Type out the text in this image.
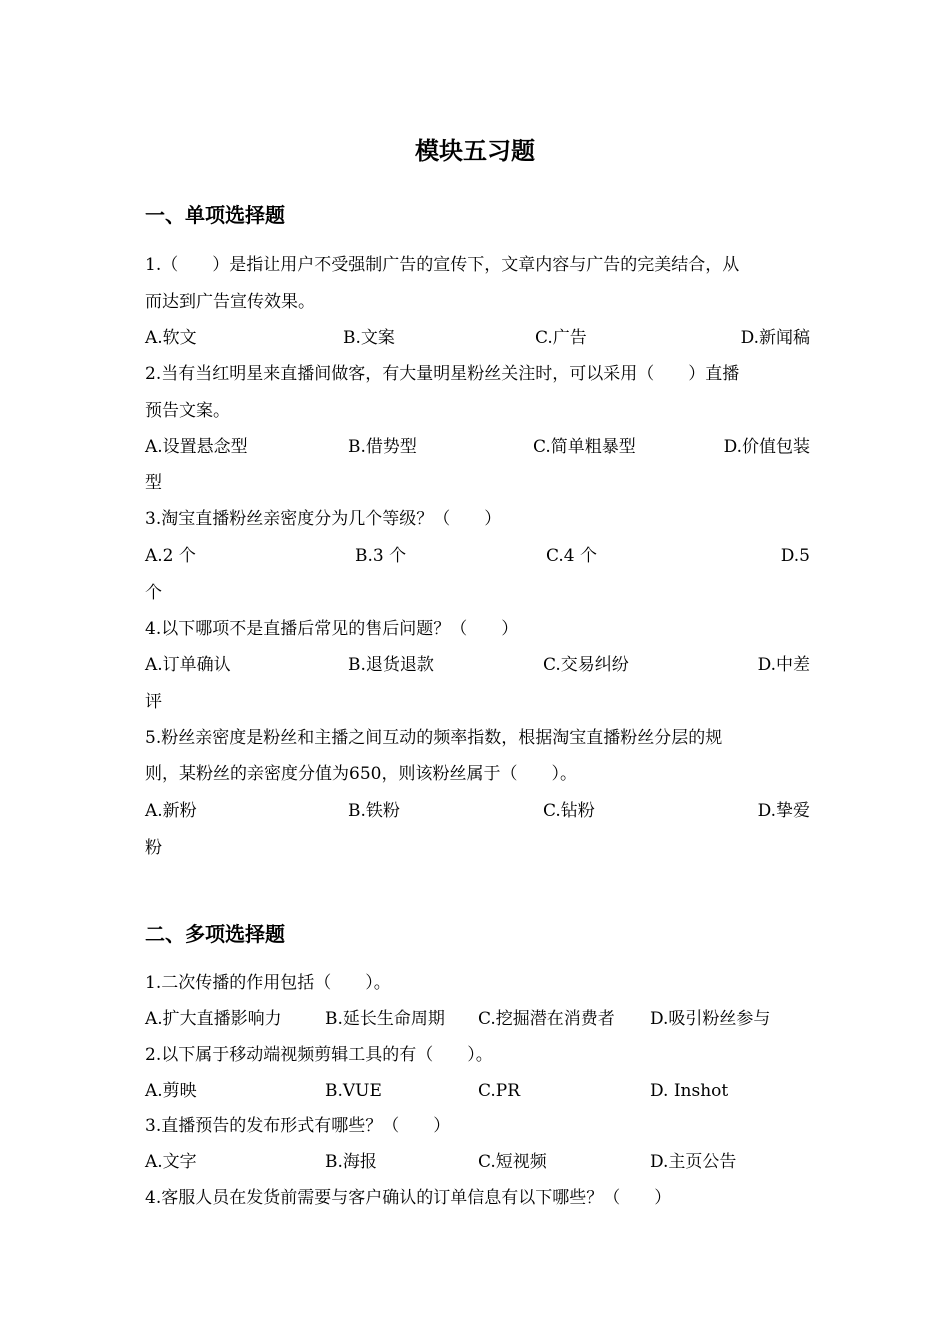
模块五习题
一、单项选择题
1.（　　）是指让用户不受强制广告的宣传下，文章内容与广告的完美结合，从
而达到广告宣传效果。
A.软文	B.文案	C.广告	D.新闻稿
2.当有当红明星来直播间做客，有大量明星粉丝关注时，可以采用（　　）直播
预告文案。
A.设置悬念型	B.借势型	C.简单粗暴型	D.价值包装
型
3.淘宝直播粉丝亲密度分为几个等级？（　　）
A.2 个	B.3 个	C.4 个	D.5
个
4.以下哪项不是直播后常见的售后问题？（　　）
A.订单确认	B.退货退款	C.交易纠纷	D.中差
评
5.粉丝亲密度是粉丝和主播之间互动的频率指数，根据淘宝直播粉丝分层的规
则，某粉丝的亲密度分值为650，则该粉丝属于（　　）。
A.新粉	B.铁粉	C.钻粉	D.挚爱
粉
二、多项选择题
1.二次传播的作用包括（　　）。
A.扩大直播影响力	B.延长生命周期 C.挖掘潜在消费者 D.吸引粉丝参与
2.以下属于移动端视频剪辑工具的有（　　）。
A.剪映	B.VUE	C.PR	D. Inshot
3.直播预告的发布形式有哪些？（　　）
A.文字	B.海报	C.短视频	D.主页公告
4.客服人员在发货前需要与客户确认的订单信息有以下哪些？（　　）
